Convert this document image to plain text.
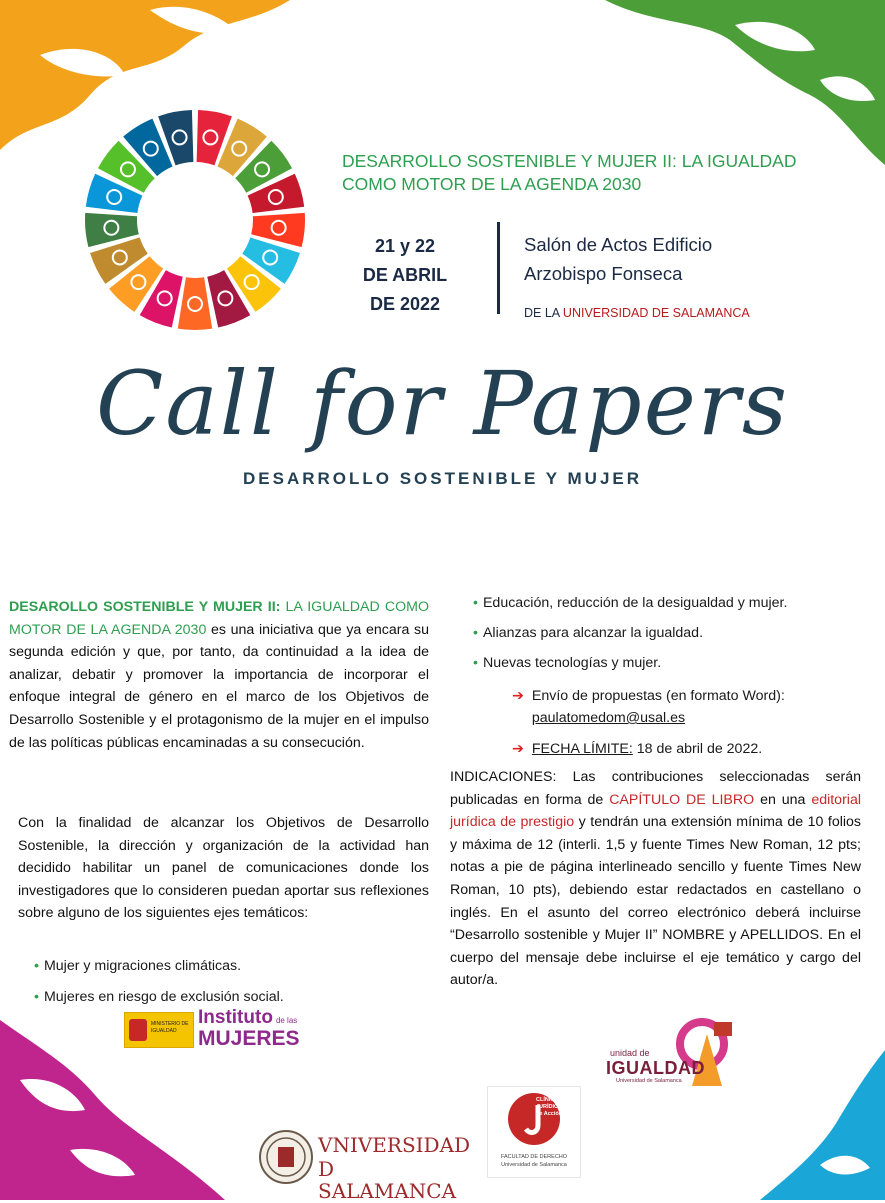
DESARROLLO SOSTENIBLE Y MUJER II: LA IGUALDAD
COMO MOTOR DE LA AGENDA 2030
21 y 22
DE ABRIL
DE 2022
Salón de Actos Edificio
Arzobispo Fonseca
DE LA UNIVERSIDAD DE SALAMANCA
Call for Papers
DESARROLLO SOSTENIBLE Y MUJER
DESAROLLO SOSTENIBLE Y MUJER II: LA IGUALDAD COMO MOTOR DE LA AGENDA 2030 es una iniciativa que ya encara su segunda edición y que, por tanto, da continuidad a la idea de analizar, debatir y promover la importancia de incorporar el enfoque integral de género en el marco de los Objetivos de Desarrollo Sostenible y el protagonismo de la mujer en el impulso de las políticas públicas encaminadas a su consecución.
Con la finalidad de alcanzar los Objetivos de Desarrollo Sostenible, la dirección y organización de la actividad han decidido habilitar un panel de comunicaciones donde los investigadores que lo consideren puedan aportar sus reflexiones sobre alguno de los siguientes ejes temáticos:
• Mujer y migraciones climáticas.
• Mujeres en riesgo de exclusión social.
• Educación, reducción de la desigualdad y mujer.
• Alianzas para alcanzar la igualdad.
• Nuevas tecnologías y mujer.
➔ Envío de propuestas (en formato Word):
paulatomedom@usal.es
➔ FECHA LÍMITE: 18 de abril de 2022.
INDICACIONES: Las contribuciones seleccionadas serán publicadas en forma de CAPÍTULO DE LIBRO en una editorial jurídica de prestigio y tendrán una extensión mínima de 10 folios y máxima de 12 (interli. 1,5 y fuente Times New Roman, 12 pts; notas a pie de página interlineado sencillo y fuente Times New Roman, 10 pts), debiendo estar redactados en castellano o inglés. En el asunto del correo electrónico deberá incluirse “Desarrollo sostenible y Mujer II” NOMBRE y APELLIDOS. En el cuerpo del mensaje debe incluirse el eje temático y cargo del autor/a.
MINISTERIO DE IGUALDAD
Instituto de las
MUJERES
VNIVERSIDAD
D SALAMANCA
CLÍNICA
JURÍDICA
de Acción Social
FACULTAD DE DERECHO
Universidad de Salamanca
unidad de
IGUALDAD
Universidad de Salamanca
